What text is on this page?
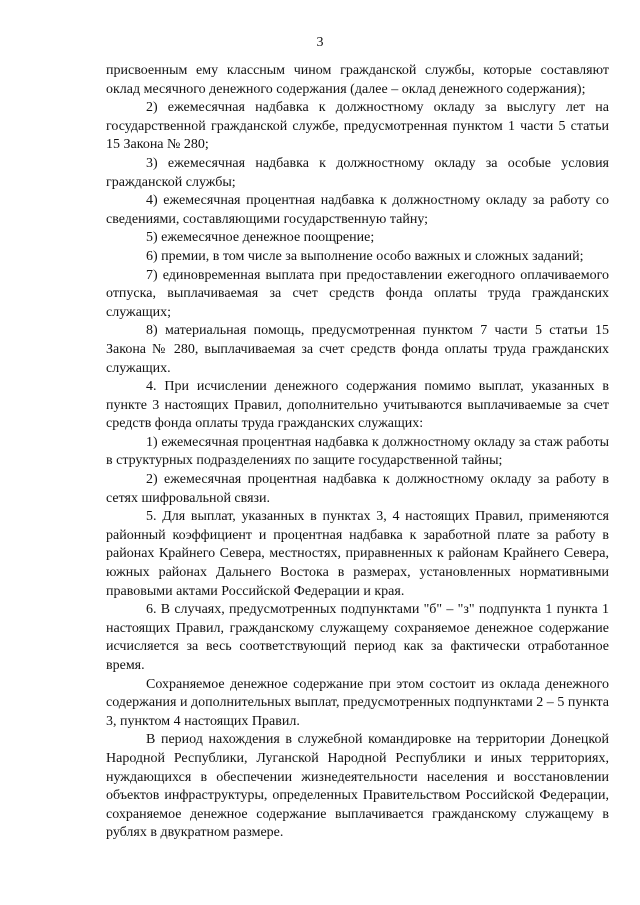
3

присвоенным ему классным чином гражданской службы, которые составляют оклад месячного денежного содержания (далее – оклад денежного содержания);

2) ежемесячная надбавка к должностному окладу за выслугу лет на государственной гражданской службе, предусмотренная пунктом 1 части 5 статьи 15 Закона № 280;

3) ежемесячная надбавка к должностному окладу за особые условия гражданской службы;

4) ежемесячная процентная надбавка к должностному окладу за работу со сведениями, составляющими государственную тайну;

5) ежемесячное денежное поощрение;

6) премии, в том числе за выполнение особо важных и сложных заданий;

7) единовременная выплата при предоставлении ежегодного оплачиваемого отпуска, выплачиваемая за счет средств фонда оплаты труда гражданских служащих;

8) материальная помощь, предусмотренная пунктом 7 части 5 статьи 15 Закона № 280, выплачиваемая за счет средств фонда оплаты труда гражданских служащих.

4. При исчислении денежного содержания помимо выплат, указанных в пункте 3 настоящих Правил, дополнительно учитываются выплачиваемые за счет средств фонда оплаты труда гражданских служащих:

1) ежемесячная процентная надбавка к должностному окладу за стаж работы в структурных подразделениях по защите государственной тайны;

2) ежемесячная процентная надбавка к должностному окладу за работу в сетях шифровальной связи.

5. Для выплат, указанных в пунктах 3, 4 настоящих Правил, применяются районный коэффициент и процентная надбавка к заработной плате за работу в районах Крайнего Севера, местностях, приравненных к районам Крайнего Севера, южных районах Дальнего Востока в размерах, установленных нормативными правовыми актами Российской Федерации и края.

6. В случаях, предусмотренных подпунктами "б" – "з" подпункта 1 пункта 1 настоящих Правил, гражданскому служащему сохраняемое денежное содержание исчисляется за весь соответствующий период как за фактически отработанное время.

Сохраняемое денежное содержание при этом состоит из оклада денежного содержания и дополнительных выплат, предусмотренных подпунктами 2 – 5 пункта 3, пунктом 4 настоящих Правил.

В период нахождения в служебной командировке на территории Донецкой Народной Республики, Луганской Народной Республики и иных территориях, нуждающихся в обеспечении жизнедеятельности населения и восстановлении объектов инфраструктуры, определенных Правительством Российской Федерации, сохраняемое денежное содержание выплачивается гражданскому служащему в рублях в двукратном размере.
